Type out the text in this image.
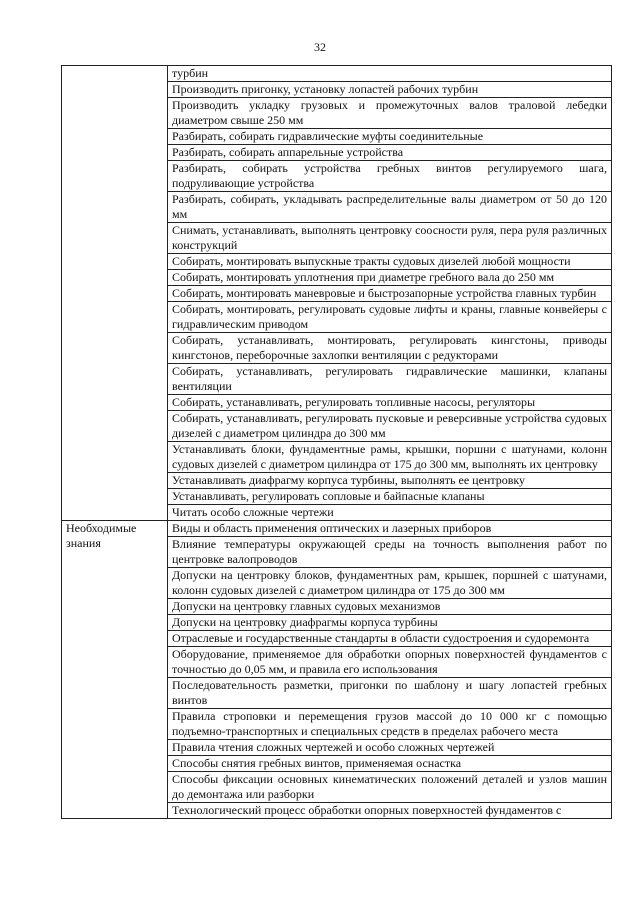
32
	турбин
	Производить пригонку, установку лопастей рабочих турбин
	Производить укладку грузовых и промежуточных валов траловой лебедки диаметром свыше 250 мм
	Разбирать, собирать гидравлические муфты соединительные
	Разбирать, собирать аппарельные устройства
	Разбирать, собирать устройства гребных винтов регулируемого шага, подруливающие устройства
	Разбирать, собирать, укладывать распределительные валы диаметром от 50 до 120 мм
	Снимать, устанавливать, выполнять центровку соосности руля, пера руля различных конструкций
	Собирать, монтировать выпускные тракты судовых дизелей любой мощности
	Собирать, монтировать уплотнения при диаметре гребного вала до 250 мм
	Собирать, монтировать маневровые и быстрозапорные устройства главных турбин
	Собирать, монтировать, регулировать судовые лифты и краны, главные конвейеры с гидравлическим приводом
	Собирать, устанавливать, монтировать, регулировать кингстоны, приводы кингстонов, переборочные захлопки вентиляции с редукторами
	Собирать, устанавливать, регулировать гидравлические машинки, клапаны вентиляции
	Собирать, устанавливать, регулировать топливные насосы, регуляторы
	Собирать, устанавливать, регулировать пусковые и реверсивные устройства судовых дизелей с диаметром цилиндра до 300 мм
	Устанавливать блоки, фундаментные рамы, крышки, поршни с шатунами, колонн судовых дизелей с диаметром цилиндра от 175 до 300 мм, выполнять их центровку
	Устанавливать диафрагму корпуса турбины, выполнять ее центровку
	Устанавливать, регулировать сопловые и байпасные клапаны
	Читать особо сложные чертежи
Необходимые знания	Виды и область применения оптических и лазерных приборов
	Влияние температуры окружающей среды на точность выполнения работ по центровке валопроводов
	Допуски на центровку блоков, фундаментных рам, крышек, поршней с шатунами, колонн судовых дизелей с диаметром цилиндра от 175 до 300 мм
	Допуски на центровку главных судовых механизмов
	Допуски на центровку диафрагмы корпуса турбины
	Отраслевые и государственные стандарты в области судостроения и судоремонта
	Оборудование, применяемое для обработки опорных поверхностей фундаментов с точностью до 0,05 мм, и правила его использования
	Последовательность разметки, пригонки по шаблону и шагу лопастей гребных винтов
	Правила строповки и перемещения грузов массой до 10 000 кг с помощью подъемно-транспортных и специальных средств в пределах рабочего места
	Правила чтения сложных чертежей и особо сложных чертежей
	Способы снятия гребных винтов, применяемая оснастка
	Способы фиксации основных кинематических положений деталей и узлов машин до демонтажа или разборки
	Технологический процесс обработки опорных поверхностей фундаментов с
